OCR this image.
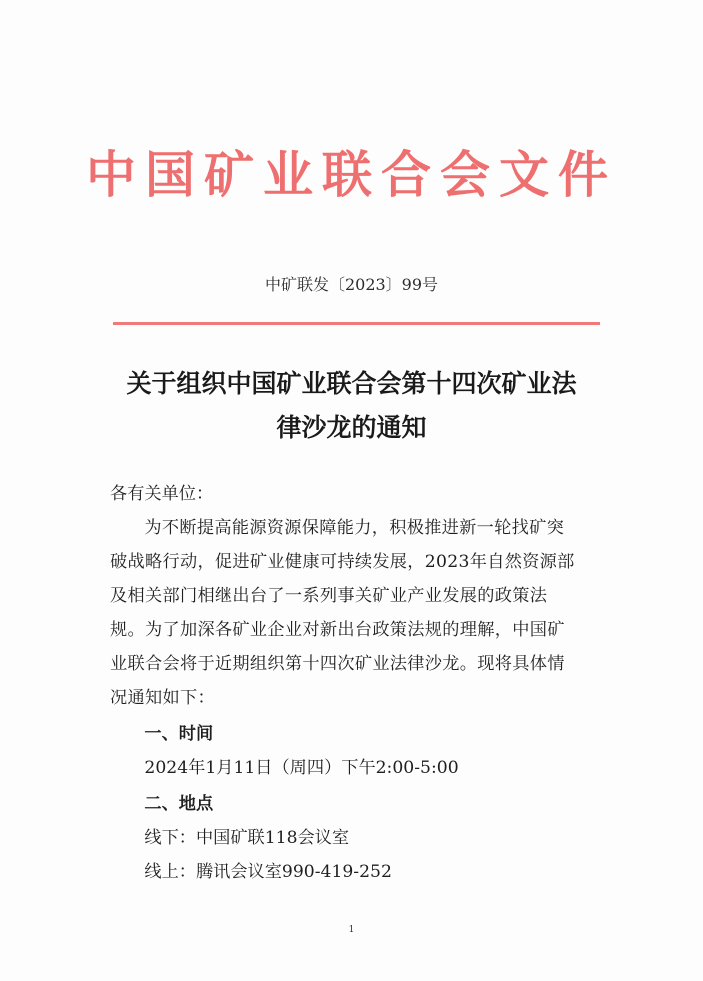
中国矿业联合会文件
中矿联发〔2023〕99号
关于组织中国矿业联合会第十四次矿业法
律沙龙的通知

各有关单位：

为不断提高能源资源保障能力，积极推进新一轮找矿突
破战略行动，促进矿业健康可持续发展，2023年自然资源部
及相关部门相继出台了一系列事关矿业产业发展的政策法
规。为了加深各矿业企业对新出台政策法规的理解，中国矿
业联合会将于近期组织第十四次矿业法律沙龙。现将具体情
况通知如下：

一、时间

2024年1月11日（周四）下午2:00-5:00

二、地点

线下：中国矿联118会议室

线上：腾讯会议室990-419-252

1
